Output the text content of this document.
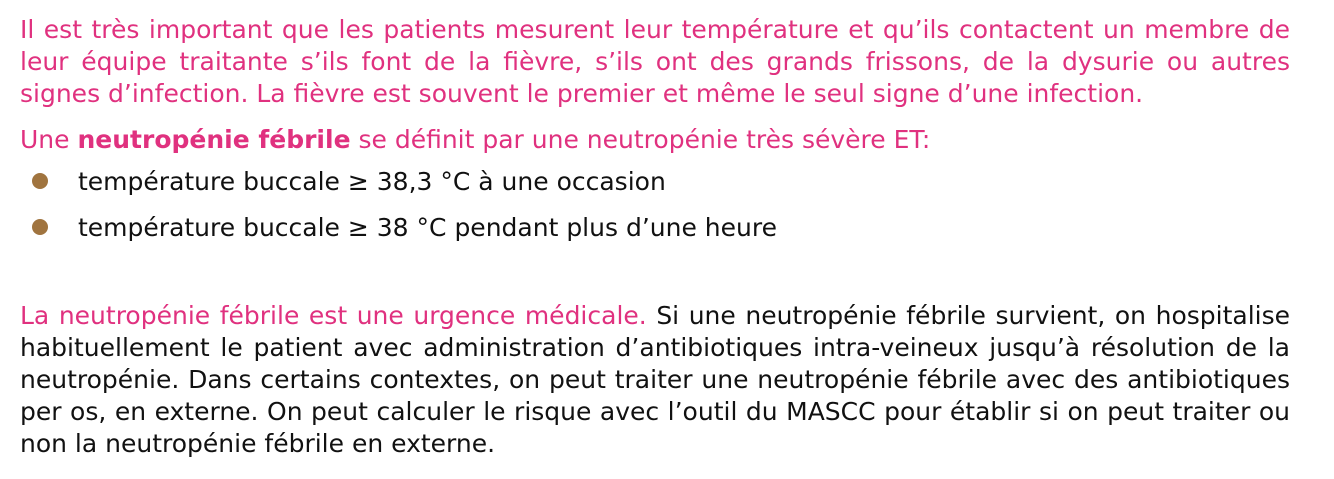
Il est très important que les patients mesurent leur température et qu’ils contactent un membre de leur équipe traitante s’ils font de la fièvre, s’ils ont des grands frissons, de la dysurie ou autres signes d’infection. La fièvre est souvent le premier et même le seul signe d’une infection.

Une neutropénie fébrile se définit par une neutropénie très sévère ET:

température buccale ≥ 38,3 °C à une occasion
température buccale ≥ 38 °C pendant plus d’une heure

La neutropénie fébrile est une urgence médicale. Si une neutropénie fébrile survient, on hospitalise habituellement le patient avec administration d’antibiotiques intra-veineux jusqu’à résolution de la neutropénie. Dans certains contextes, on peut traiter une neutropénie fébrile avec des antibiotiques per os, en externe. On peut calculer le risque avec l’outil du MASCC pour établir si on peut traiter ou non la neutropénie fébrile en externe.
